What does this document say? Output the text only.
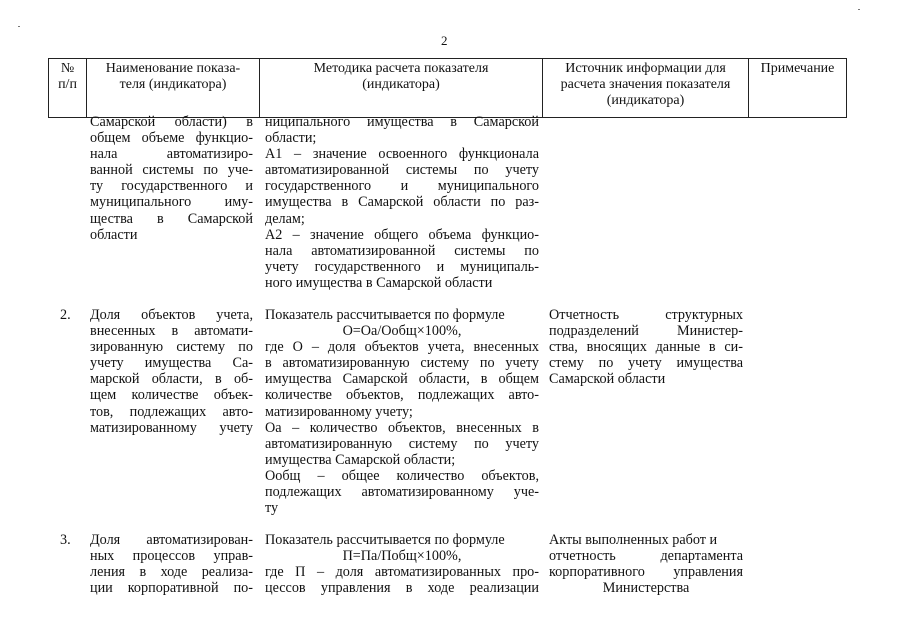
2
№
п/п
Наименование показа-
теля (индикатора)
Методика расчета показателя
(индикатора)
Источник информации для
расчета значения показателя
(индикатора)
Примечание
Самарской области) в
общем объеме функцио-
нала автоматизиро-
ванной системы по уче-
ту государственного и
муниципального иму-
щества в Самарской
области
ниципального имущества в Самарской
области;
А1 – значение освоенного функционала
автоматизированной системы по учету
государственного и муниципального
имущества в Самарской области по раз-
делам;
А2 – значение общего объема функцио-
нала автоматизированной системы по
учету государственного и муниципаль-
ного имущества в Самарской области
2. Доля объектов учета,
внесенных в автомати-
зированную систему по
учету имущества Са-
марской области, в об-
щем количестве объек-
тов, подлежащих авто-
матизированному учету
Показатель рассчитывается по формуле
О=Оа/Ообщ×100%,
где О – доля объектов учета, внесенных
в автоматизированную систему по учету
имущества Самарской области, в общем
количестве объектов, подлежащих авто-
матизированному учету;
Оа – количество объектов, внесенных в
автоматизированную систему по учету
имущества Самарской области;
Ообщ – общее количество объектов,
подлежащих автоматизированному уче-
ту
Отчетность структурных
подразделений Министер-
ства, вносящих данные в си-
стему по учету имущества
Самарской области
3. Доля автоматизирован-
ных процессов управ-
ления в ходе реализа-
ции корпоративной по-
Показатель рассчитывается по формуле
П=Па/Побщ×100%,
где П – доля автоматизированных про-
цессов управления в ходе реализации
Акты выполненных работ и
отчетность департамента
корпоративного управления
Министерства
